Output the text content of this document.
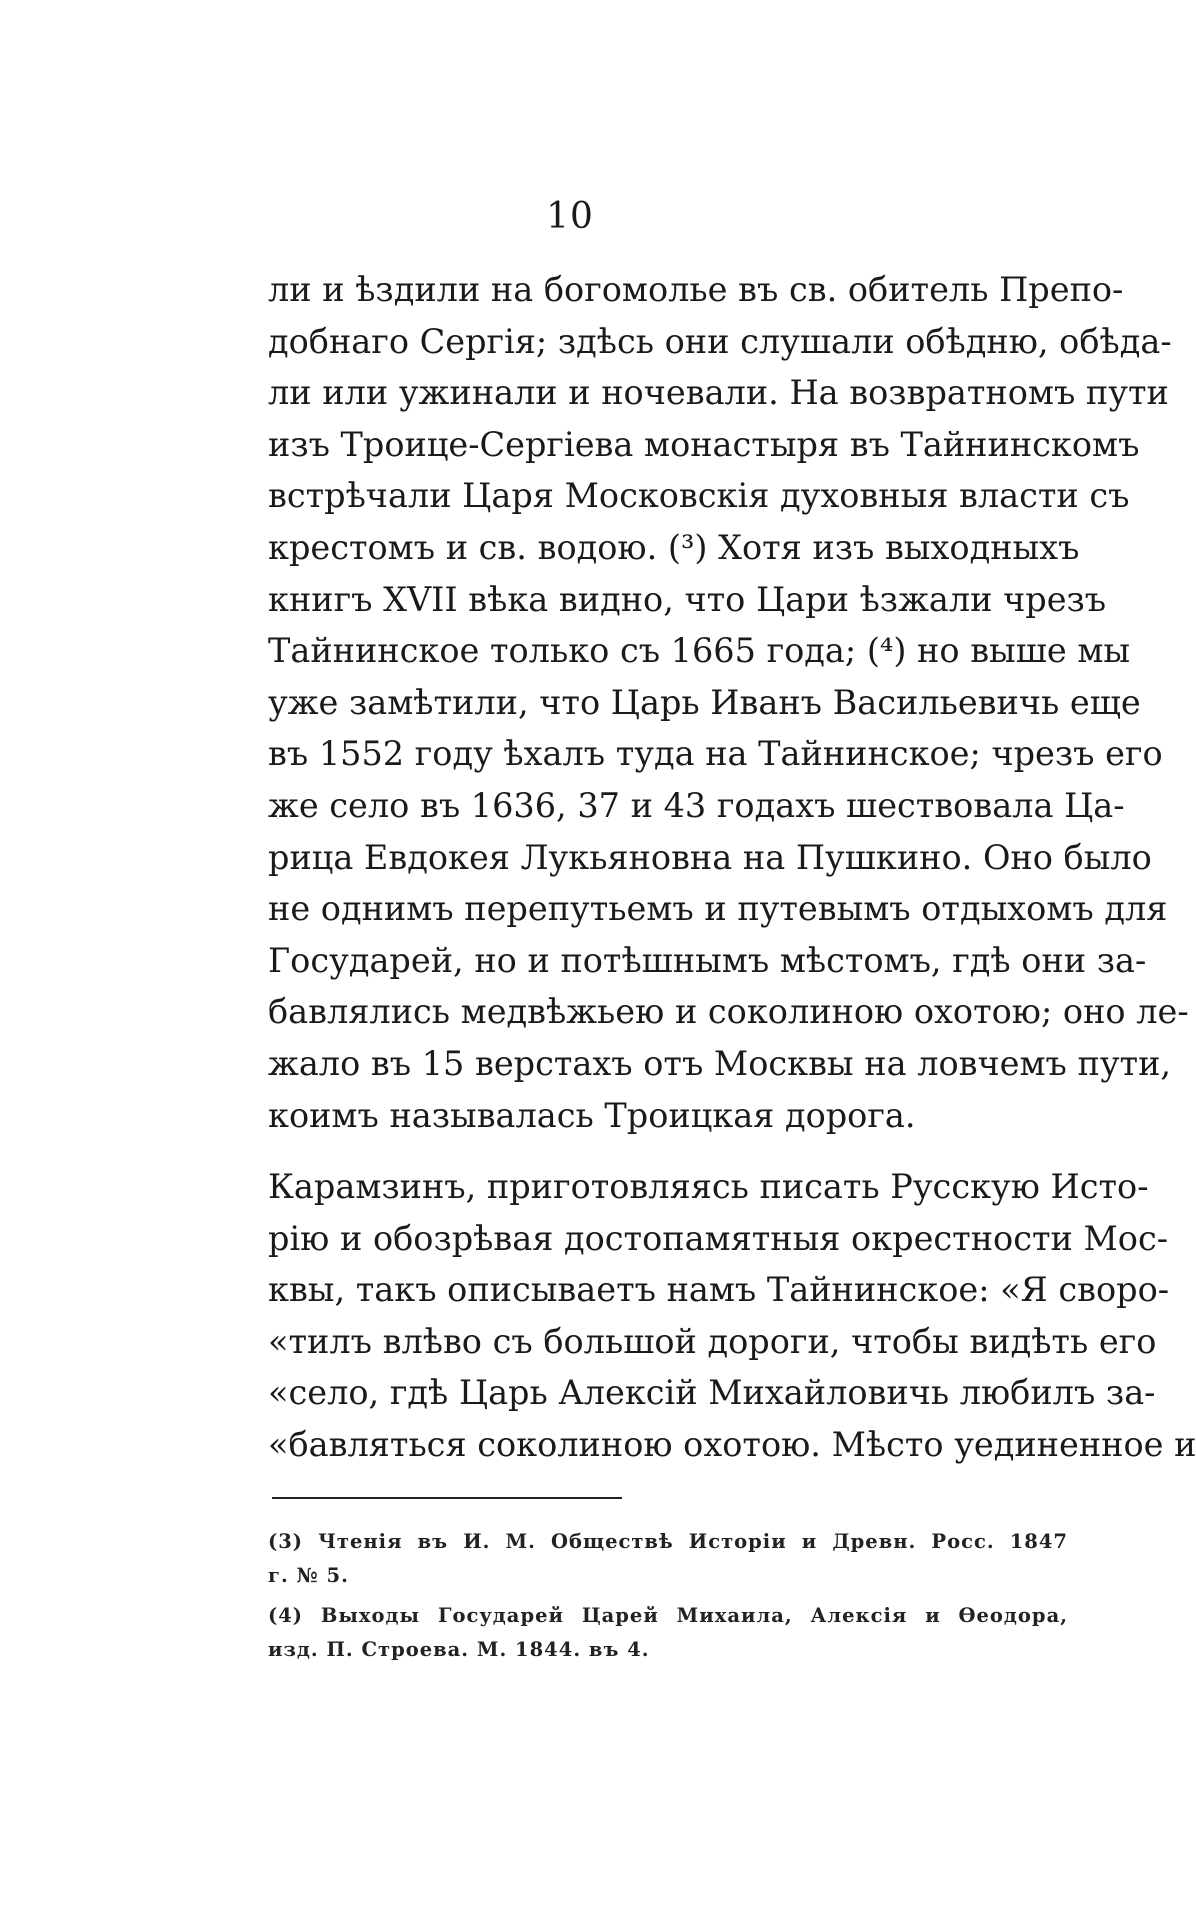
10
ли и ѣздили на богомолье въ св. обитель Препо-
добнаго Сергія; здѣсь они слушали обѣдню, обѣда-
ли или ужинали и ночевали. На возвратномъ пути
изъ Троице-Сергіева монастыря въ Тайнинскомъ
встрѣчали Царя Московскія духовныя власти съ
крестомъ и св. водою. (³) Хотя изъ выходныхъ
книгъ XVII вѣка видно, что Цари ѣзжали чрезъ
Тайнинское только съ 1665 года; (⁴) но выше мы
уже замѣтили, что Царь Иванъ Васильевичь еще
въ 1552 году ѣхалъ туда на Тайнинское; чрезъ его
же село въ 1636, 37 и 43 годахъ шествовала Ца-
рица Евдокея Лукьяновна на Пушкино. Оно было
не однимъ перепутьемъ и путевымъ отдыхомъ для
Государей, но и потѣшнымъ мѣстомъ, гдѣ они за-
бавлялись медвѣжьею и соколиною охотою; оно ле-
жало въ 15 верстахъ отъ Москвы на ловчемъ пути,
коимъ называлась Троицкая дорога.
Карамзинъ, приготовляясь писать Русскую Исто-
рію и обозрѣвая достопамятныя окрестности Мос-
квы, такъ описываетъ намъ Тайнинское: «Я своро-
«тилъ влѣво съ большой дороги, чтобы видѣть его
«село, гдѣ Царь Алексій Михайловичь любилъ за-
«бавляться соколиною охотою. Мѣсто уединенное и
(3) Чтенія въ И. М. Обществѣ Исторіи и Древн. Росс. 1847
г. № 5.
(4) Выходы Государей Царей Михаила, Алексія и Ѳеодора,
изд. П. Строева. М. 1844. въ 4.
